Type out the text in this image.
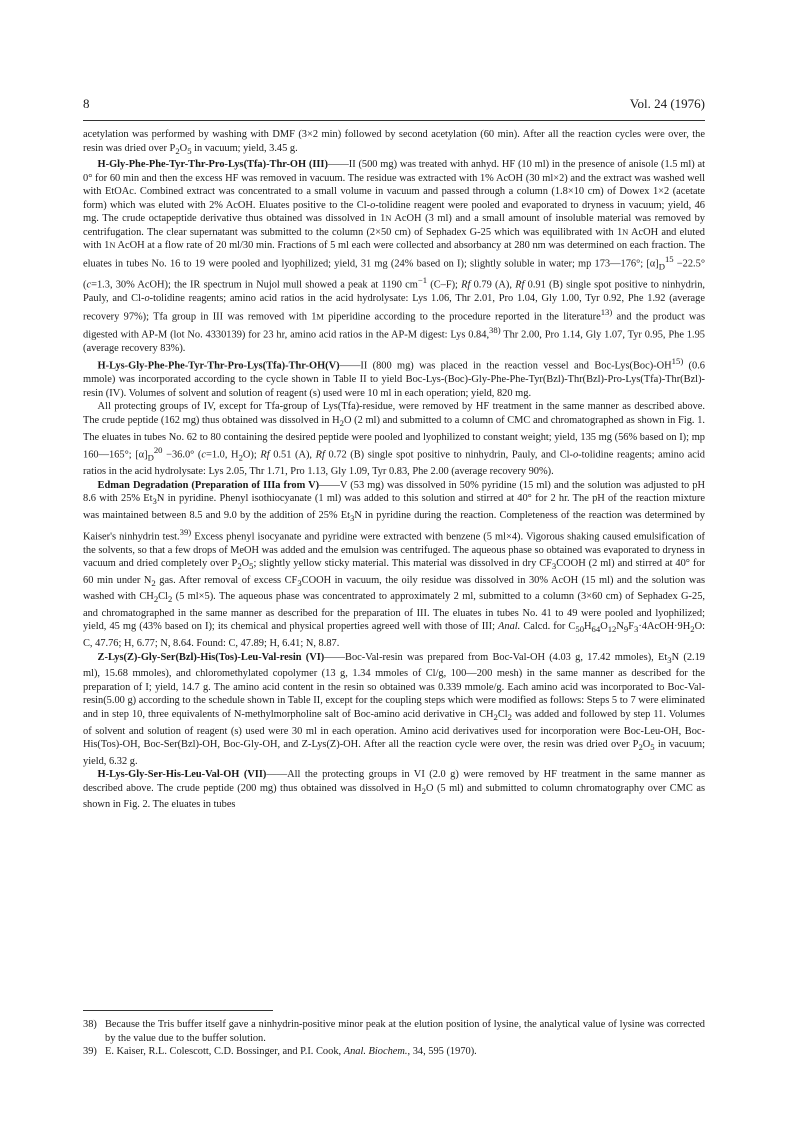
8	Vol. 24 (1976)

acetylation was performed by washing with DMF (3×2 min) followed by second acetylation (60 min). After all the reaction cycles were over, the resin was dried over $P_2O_5$ in vacuum; yield, 3.45 g.

H-Gly-Phe-Phe-Tyr-Thr-Pro-Lys(Tfa)-Thr-OH (III)——II (500 mg) was treated with anhyd. HF (10 ml) in the presence of anisole (1.5 ml) at 0° for 60 min and then the excess HF was removed in vacuum. The residue was extracted with 1% AcOH (30 ml×2) and the extract was washed well with EtOAc. Combined extract was concentrated to a small volume in vacuum and passed through a column (1.8×10 cm) of Dowex 1×2 (acetate form) which was eluted with 2% AcOH. Eluates positive to the Cl-o-tolidine reagent were pooled and evaporated to dryness in vacuum; yield, 46 mg. The crude octapeptide derivative thus obtained was dissolved in 1N AcOH (3 ml) and a small amount of insoluble material was removed by centrifugation. The clear supernatant was submitted to the column (2×50 cm) of Sephadex G-25 which was equilibrated with 1N AcOH and eluted with 1N AcOH at a flow rate of 20 ml/30 min. Fractions of 5 ml each were collected and absorbancy at 280 nm was determined on each fraction. The eluates in tubes No. 16 to 19 were pooled and lyophilized; yield, 31 mg (24% based on I); slightly soluble in water; mp 173—176°; $[\alpha]_D^{15} -22.5^\circ$ (c=1.3, 30% AcOH); the IR spectrum in Nujol mull showed a peak at 1190 $cm^{-1}$ (C–F); Rf 0.79 (A), Rf 0.91 (B) single spot positive to ninhydrin, Pauly, and Cl-o-tolidine reagents; amino acid ratios in the acid hydrolysate: Lys 1.06, Thr 2.01, Pro 1.04, Gly 1.00, Tyr 0.92, Phe 1.92 (average recovery 97%); Tfa group in III was removed with 1M piperidine according to the procedure reported in the literature$^{13)}$ and the product was digested with AP-M (lot No. 4330139) for 23 hr, amino acid ratios in the AP-M digest: Lys 0.84,$^{38)}$ Thr 2.00, Pro 1.14, Gly 1.07, Tyr 0.95, Phe 1.95 (average recovery 83%).

H-Lys-Gly-Phe-Phe-Tyr-Thr-Pro-Lys(Tfa)-Thr-OH(V)——II (800 mg) was placed in the reaction vessel and Boc-Lys(Boc)-OH$^{15)}$ (0.6 mmole) was incorporated according to the cycle shown in Table II to yield Boc-Lys-(Boc)-Gly-Phe-Phe-Tyr(Bzl)-Thr(Bzl)-Pro-Lys(Tfa)-Thr(Bzl)-resin (IV). Volumes of solvent and solution of reagent (s) used were 10 ml in each operation; yield, 820 mg.

All protecting groups of IV, except for Tfa-group of Lys(Tfa)-residue, were removed by HF treatment in the same manner as described above. The crude peptide (162 mg) thus obtained was dissolved in $H_2O$ (2 ml) and submitted to a column of CMC and chromatographed as shown in Fig. 1. The eluates in tubes No. 62 to 80 containing the desired peptide were pooled and lyophilized to constant weight; yield, 135 mg (56% based on I); mp 160—165°; $[\alpha]_D^{20} -36.0^\circ$ (c=1.0, $H_2O$); Rf 0.51 (A), Rf 0.72 (B) single spot positive to ninhydrin, Pauly, and Cl-o-tolidine reagents; amino acid ratios in the acid hydrolysate: Lys 2.05, Thr 1.71, Pro 1.13, Gly 1.09, Tyr 0.83, Phe 2.00 (average recovery 90%).

Edman Degradation (Preparation of IIIa from V)——V (53 mg) was dissolved in 50% pyridine (15 ml) and the solution was adjusted to pH 8.6 with 25% $Et_3N$ in pyridine. Phenyl isothiocyanate (1 ml) was added to this solution and stirred at 40° for 2 hr. The pH of the reaction mixture was maintained between 8.5 and 9.0 by the addition of 25% $Et_3N$ in pyridine during the reaction. Completeness of the reaction was determined by Kaiser's ninhydrin test.$^{39)}$ Excess phenyl isocyanate and pyridine were extracted with benzene (5 ml×4). Vigorous shaking caused emulsification of the solvents, so that a few drops of MeOH was added and the emulsion was centrifuged. The aqueous phase so obtained was evaporated to dryness in vacuum and dried completely over $P_2O_5$; slightly yellow sticky material. This material was dissolved in dry $CF_3COOH$ (2 ml) and stirred at 40° for 60 min under $N_2$ gas. After removal of excess $CF_3COOH$ in vacuum, the oily residue was dissolved in 30% AcOH (15 ml) and the solution was washed with $CH_2Cl_2$ (5 ml×5). The aqueous phase was concentrated to approximately 2 ml, submitted to a column (3×60 cm) of Sephadex G-25, and chromatographed in the same manner as described for the preparation of III. The eluates in tubes No. 41 to 49 were pooled and lyophilized; yield, 45 mg (43% based on I); its chemical and physical properties agreed well with those of III; Anal. Calcd. for $C_{50}H_{64}O_{12}N_9F_3\cdot 4AcOH\cdot 9H_2O$: C, 47.76; H, 6.77; N, 8.64. Found: C, 47.89; H, 6.41; N, 8.87.

Z-Lys(Z)-Gly-Ser(Bzl)-His(Tos)-Leu-Val-resin (VI)——Boc-Val-resin was prepared from Boc-Val-OH (4.03 g, 17.42 mmoles), $Et_3N$ (2.19 ml), 15.68 mmoles), and chloromethylated copolymer (13 g, 1.34 mmoles of Cl/g, 100—200 mesh) in the same manner as described for the preparation of I; yield, 14.7 g. The amino acid content in the resin so obtained was 0.339 mmole/g. Each amino acid was incorporated to Boc-Val-resin(5.00 g) according to the schedule shown in Table II, except for the coupling steps which were modified as follows: Steps 5 to 7 were eliminated and in step 10, three equivalents of N-methylmorpholine salt of Boc-amino acid derivative in $CH_2Cl_2$ was added and followed by step 11. Volumes of solvent and solution of reagent (s) used were 30 ml in each operation. Amino acid derivatives used for incorporation were Boc-Leu-OH, Boc-His(Tos)-OH, Boc-Ser(Bzl)-OH, Boc-Gly-OH, and Z-Lys(Z)-OH. After all the reaction cycle were over, the resin was dried over $P_2O_5$ in vacuum; yield, 6.32 g.

H-Lys-Gly-Ser-His-Leu-Val-OH (VII)——All the protecting groups in VI (2.0 g) were removed by HF treatment in the same manner as described above. The crude peptide (200 mg) thus obtained was dissolved in $H_2O$ (5 ml) and submitted to column chromatography over CMC as shown in Fig. 2. The eluates in tubes

38) Because the Tris buffer itself gave a ninhydrin-positive minor peak at the elution position of lysine, the analytical value of lysine was corrected by the value due to the buffer solution.
39) E. Kaiser, R.L. Colescott, C.D. Bossinger, and P.I. Cook, Anal. Biochem., 34, 595 (1970).
